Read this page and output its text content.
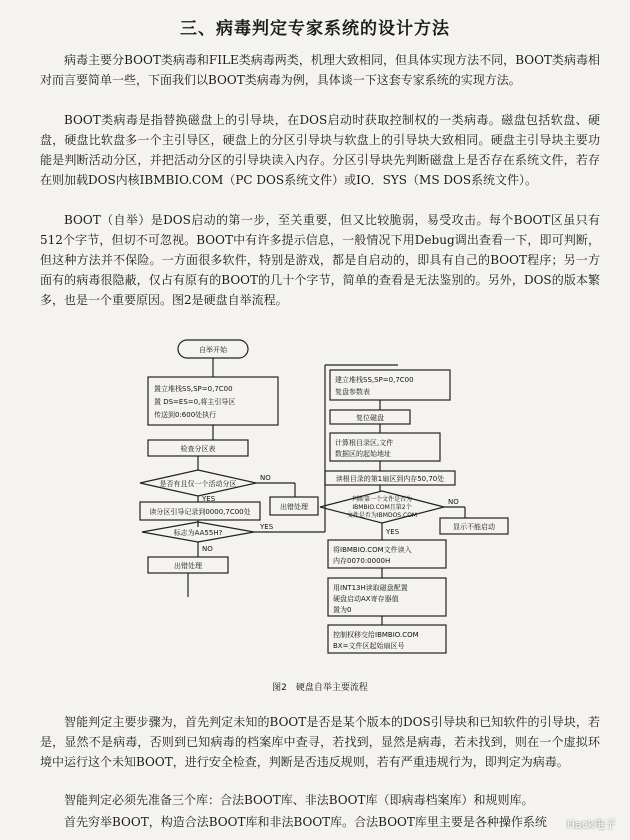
三、病毒判定专家系统的设计方法

病毒主要分BOOT类病毒和FILE类病毒两类，机理大致相同，但具体实现方法不同，BOOT类病毒相对而言要简单一些，下面我们以BOOT类病毒为例，具体谈一下这套专家系统的实现方法。

BOOT类病毒是指替换磁盘上的引导块，在DOS启动时获取控制权的一类病毒。磁盘包括软盘、硬盘，硬盘比软盘多一个主引导区，硬盘上的分区引导块与软盘上的引导块大致相同。硬盘主引导块主要功能是判断活动分区，并把活动分区的引导块读入内存。分区引导块先判断磁盘上是否存在系统文件，若存在则加载DOS内核IBMBIO.COM（PC DOS系统文件）或IO．SYS（MS DOS系统文件）。

BOOT（自举）是DOS启动的第一步，至关重要，但又比较脆弱，易受攻击。每个BOOT区虽只有512个字节，但切不可忽视。BOOT中有许多提示信息，一般情况下用Debug调出查看一下，即可判断，但这种方法并不保险。一方面很多软件，特别是游戏，都是自启动的，即具有自己的BOOT程序；另一方面有的病毒很隐蔽，仅占有原有的BOOT的几十个字节，简单的查看是无法鉴别的。另外，DOS的版本繁多，也是一个重要原因。图2是硬盘自举流程。

自举开始
置立堆栈SS,SP=0,7C00
置 DS=ES=0,将主引导区
传送到0:600处执行
检查分区表
是否有且仅一个活动分区
NO
YES
出错处理
读分区引导记录到0000,7C00处
标志为AA55H?
YES
NO
出错处理
建立堆栈SS,SP=0,7C00
复盘参数表
复位磁盘
计算根目录区,文件
数据区的起始地址
读根目录的第1扇区到内存50,70处
判断第一个文件是否为
IBMBIO.COM且第2个
文件是否为IBMDOS.COM
NO
YES
显示不能启动
将IBMBIO.COM文件读入
内存0070:0000H
用INT13H读取磁盘配置
硬盘启动AX寄存器值
置为0
控制权移交给IBMBIO.COM
BX=文件区起始扇区号
图2　硬盘自举主要流程

智能判定主要步骤为，首先判定未知的BOOT是否是某个版本的DOS引导块和已知软件的引导块，若是，显然不是病毒，否则到已知病毒的档案库中查寻，若找到，显然是病毒，若未找到，则在一个虚拟环境中运行这个未知BOOT，进行安全检查，判断是否违反规则，若有严重违规行为，即判定为病毒。

智能判定必须先准备三个库：合法BOOT库、非法BOOT库（即病毒档案库）和规则库。

首先穷举BOOT，构造合法BOOT库和非法BOOT库。合法BOOT库里主要是各种操作系统	Hack电子
